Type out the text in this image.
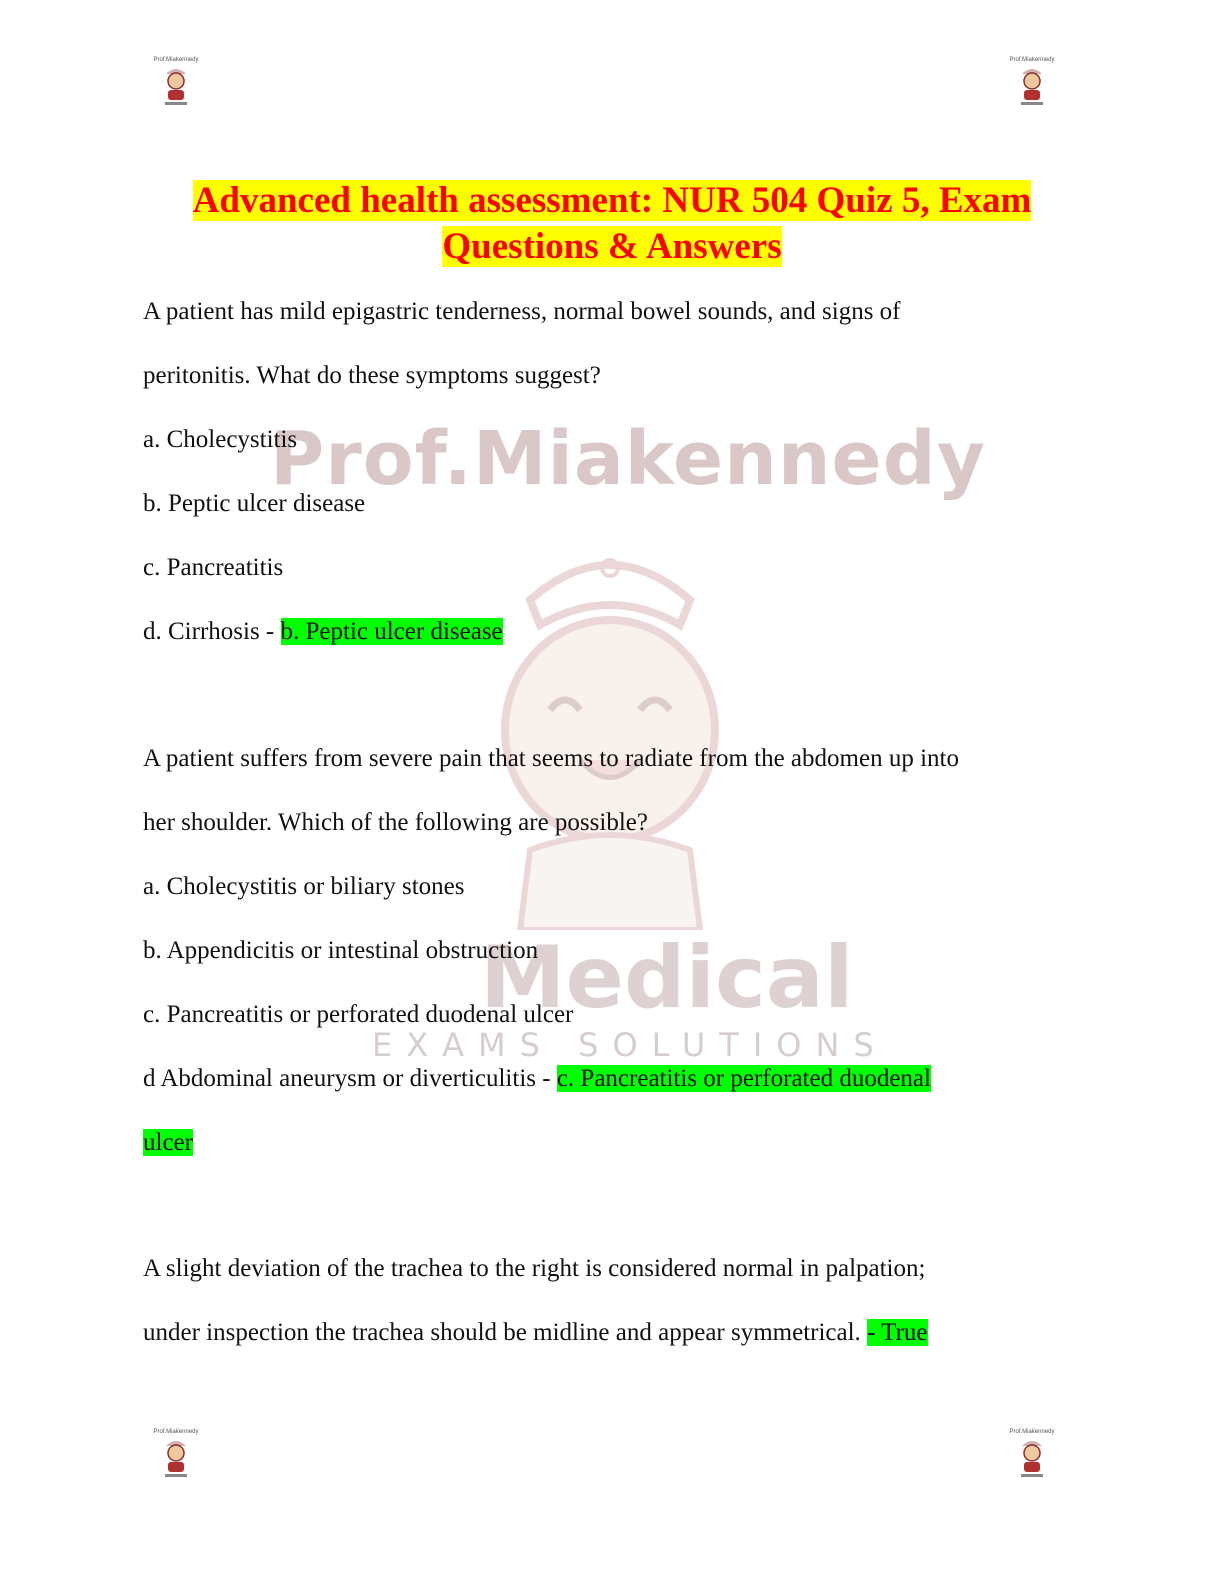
Prof.Miakennedy	Prof.Miakennedy
Prof.Miakennedy	Prof.Miakennedy
Prof.Miakennedy
Medical
EXAMS SOLUTIONS
Advanced health assessment: NUR 504 Quiz 5, Exam
Questions & Answers

A patient has mild epigastric tenderness, normal bowel sounds, and signs of

peritonitis. What do these symptoms suggest?

a. Cholecystitis

b. Peptic ulcer disease

c. Pancreatitis

d. Cirrhosis - b. Peptic ulcer disease

A patient suffers from severe pain that seems to radiate from the abdomen up into

her shoulder. Which of the following are possible?

a. Cholecystitis or biliary stones

b. Appendicitis or intestinal obstruction

c. Pancreatitis or perforated duodenal ulcer

d Abdominal aneurysm or diverticulitis - c. Pancreatitis or perforated duodenal

ulcer

A slight deviation of the trachea to the right is considered normal in palpation;

under inspection the trachea should be midline and appear symmetrical. - True
